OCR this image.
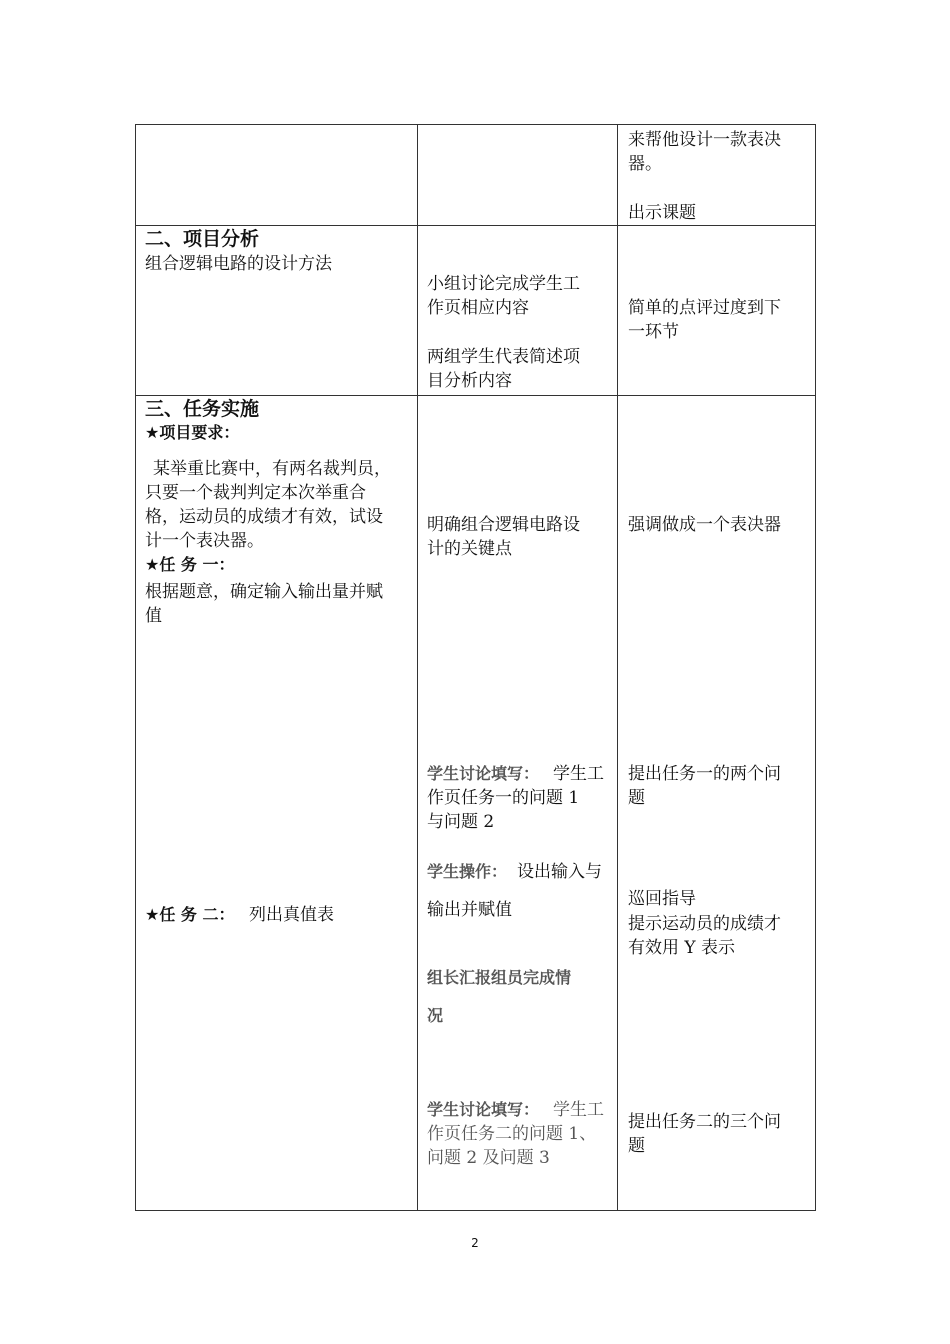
来帮他设计一款表决
器。
出示课题
二、项目分析
组合逻辑电路的设计方法
小组讨论完成学生工
作页相应内容
两组学生代表简述项
目分析内容
简单的点评过度到下
一环节
三、任务实施
★项目要求：
某举重比赛中，有两名裁判员，
只要一个裁判判定本次举重合
格，运动员的成绩才有效，试设
计一个表决器。
★任 务 一：
根据题意，确定输入输出量并赋
值
★任 务 二： 列出真值表
明确组合逻辑电路设
计的关键点
学生讨论填写： 学生工
作页任务一的问题 1
与问题 2
学生操作： 设出输入与
输出并赋值
组长汇报组员完成情
况
学生讨论填写： 学生工
作页任务二的问题 1、
问题 2 及问题 3
强调做成一个表决器
提出任务一的两个问
题
巡回指导
提示运动员的成绩才
有效用 Y 表示
提出任务二的三个问
题
2
